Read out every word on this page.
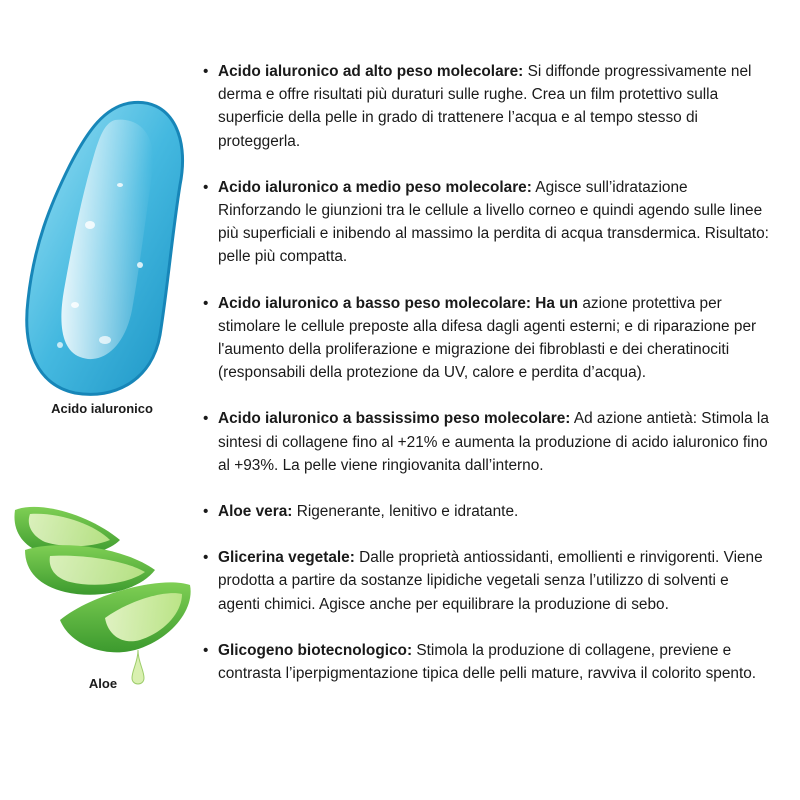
Acido ialuronico
Aloe
• Acido ialuronico ad alto peso molecolare: Si diffonde progressivamente nel derma e offre risultati più duraturi sulle rughe. Crea un film protettivo sulla superficie della pelle in grado di trattenere l’acqua e al tempo stesso di proteggerla.
• Acido ialuronico a medio peso molecolare: Agisce sull’idratazione Rinforzando le giunzioni tra le cellule a livello corneo e quindi agendo sulle linee più superficiali e inibendo al massimo la perdita di acqua transdermica. Risultato: pelle più compatta.
• Acido ialuronico a basso peso molecolare: Ha un azione protettiva per stimolare le cellule preposte alla difesa dagli agenti esterni; e di riparazione per l'aumento della proliferazione e migrazione dei fibroblasti e dei cheratinociti (responsabili della protezione da UV, calore e perdita d’acqua).
• Acido ialuronico a bassissimo peso molecolare: Ad azione antietà: Stimola la sintesi di collagene fino al +21% e aumenta la produzione di acido ialuronico fino al +93%. La pelle viene ringiovanita dall’interno.
• Aloe vera: Rigenerante, lenitivo e idratante.
• Glicerina vegetale: Dalle proprietà antiossidanti, emollienti e rinvigorenti. Viene prodotta a partire da sostanze lipidiche vegetali senza l’utilizzo di solventi e agenti chimici. Agisce anche per equilibrare la produzione di sebo.
• Glicogeno biotecnologico: Stimola la produzione di collagene, previene e contrasta l’iperpigmentazione tipica delle pelli mature, ravviva il colorito spento.
